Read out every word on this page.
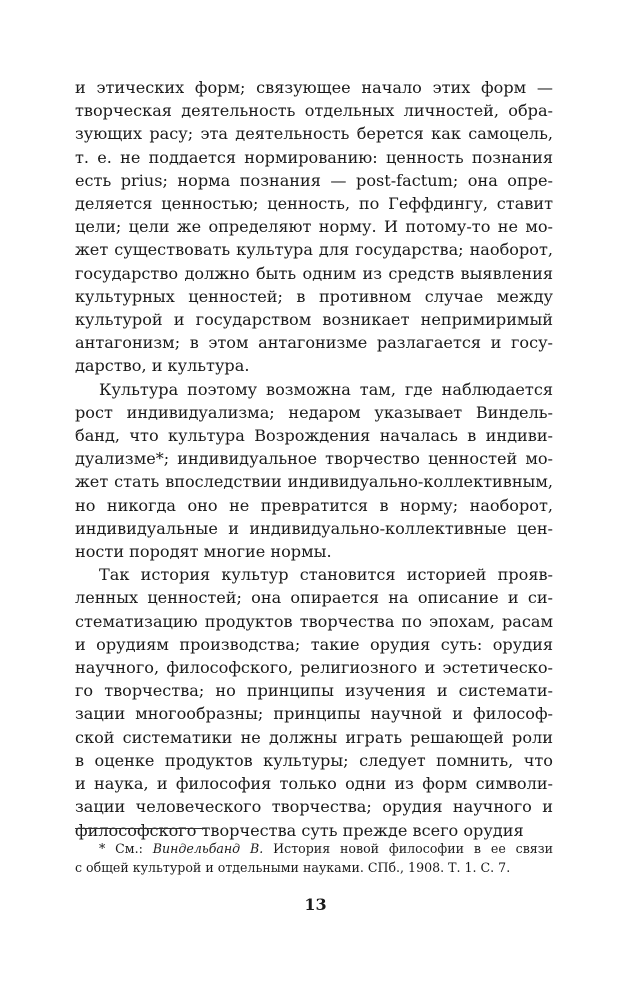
и этических форм; связующее начало этих форм —
творческая деятельность отдельных личностей, обра-
зующих расу; эта деятельность берется как самоцель,
т. е. не поддается нормированию: ценность познания
есть prius; норма познания — post-factum; она опре-
деляется ценностью; ценность, по Геффдингу, ставит
цели; цели же определяют норму. И потому-то не мо-
жет существовать культура для государства; наоборот,
государство должно быть одним из средств выявления
культурных ценностей; в противном случае между
культурой и государством возникает непримиримый
антагонизм; в этом антагонизме разлагается и госу-
дарство, и культура.
Культура поэтому возможна там, где наблюдается
рост индивидуализма; недаром указывает Виндель-
банд, что культура Возрождения началась в индиви-
дуализме*; индивидуальное творчество ценностей мо-
жет стать впоследствии индивидуально-коллективным,
но никогда оно не превратится в норму; наоборот,
индивидуальные и индивидуально-коллективные цен-
ности породят многие нормы.
Так история культур становится историей прояв-
ленных ценностей; она опирается на описание и си-
стематизацию продуктов творчества по эпохам, расам
и орудиям производства; такие орудия суть: орудия
научного, философского, религиозного и эстетическо-
го творчества; но принципы изучения и системати-
зации многообразны; принципы научной и философ-
ской систематики не должны играть решающей роли
в оценке продуктов культуры; следует помнить, что
и наука, и философия только одни из форм символи-
зации человеческого творчества; орудия научного и
философского творчества суть прежде всего орудия
* См.: Виндельбанд В. История новой философии в ее связи
с общей культурой и отдельными науками. СПб., 1908. Т. 1. С. 7.
13
